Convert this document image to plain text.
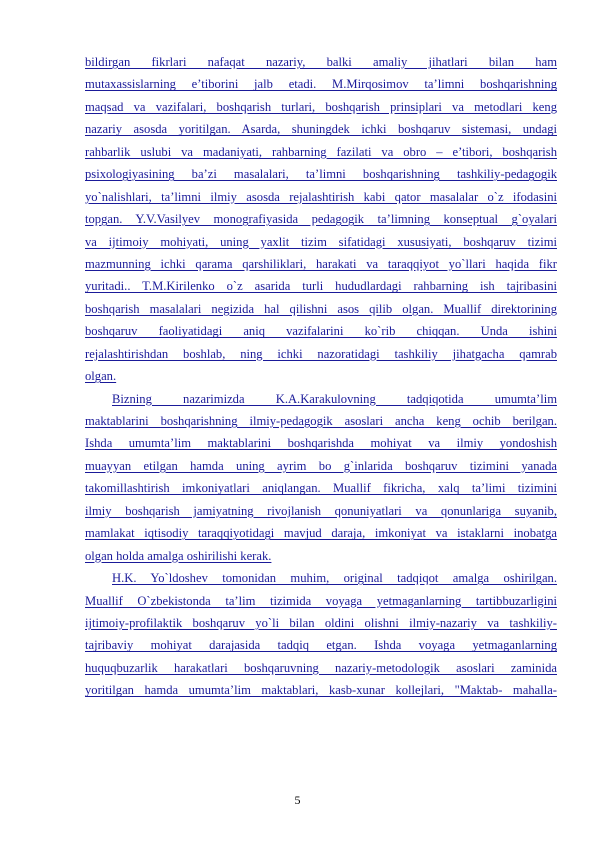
bildirgan fikrlari nafaqat nazariy, balki amaliy jihatlari bilan ham
mutaxassislarning e’tiborini jalb etadi. M.Mirqosimov ta’limni boshqarishning
maqsad va vazifalari, boshqarish turlari, boshqarish prinsiplari va metodlari keng
nazariy asosda yoritilgan. Asarda, shuningdek ichki boshqaruv sistemasi, undagi
rahbarlik uslubi va madaniyati, rahbarning fazilati va obro – e’tibori, boshqarish
psixologiyasining ba’zi masalalari, ta’limni boshqarishning tashkiliy-pedagogik
yo`nalishlari, ta’limni ilmiy asosda rejalashtirish kabi qator masalalar o`z ifodasini
topgan. Y.V.Vasilyev monografiyasida pedagogik ta’limning konseptual g`oyalari
va ijtimoiy mohiyati, uning yaxlit tizim sifatidagi xususiyati, boshqaruv tizimi
mazmunning ichki qarama qarshiliklari, harakati va taraqqiyot yo`llari haqida fikr
yuritadi.. T.M.Kirilenko o`z asarida turli hududlardagi rahbarning ish tajribasini
boshqarish masalalari negizida hal qilishni asos qilib olgan. Muallif direktorining
boshqaruv faoliyatidagi aniq vazifalarini ko`rib chiqqan. Unda ishini
rejalashtirishdan boshlab, ning ichki nazoratidagi tashkiliy jihatgacha qamrab
olgan.
Bizning nazarimizda K.A.Karakulovning tadqiqotida umumta’lim
maktablarini boshqarishning ilmiy-pedagogik asoslari ancha keng ochib berilgan.
Ishda umumta’lim maktablarini boshqarishda mohiyat va ilmiy yondoshish
muayyan etilgan hamda uning ayrim bo g`inlarida boshqaruv tizimini yanada
takomillashtirish imkoniyatlari aniqlangan. Muallif fikricha, xalq ta’limi tizimini
ilmiy boshqarish jamiyatning rivojlanish qonuniyatlari va qonunlariga suyanib,
mamlakat iqtisodiy taraqqiyotidagi mavjud daraja, imkoniyat va istaklarni inobatga
olgan holda amalga oshirilishi kerak.
H.K. Yo`ldoshev tomonidan muhim, original tadqiqot amalga oshirilgan.
Muallif O`zbekistonda ta’lim tizimida voyaga yetmaganlarning tartibbuzarligini
ijtimoiy-profilaktik boshqaruv yo`li bilan oldini olishni ilmiy-nazariy va tashkiliy-
tajribaviy mohiyat darajasida tadqiq etgan. Ishda voyaga yetmaganlarning
huquqbuzarlik harakatlari boshqaruvning nazariy-metodologik asoslari zaminida
yoritilgan hamda umumta’lim maktablari, kasb-xunar kollejlari, "Maktab- mahalla-
5
